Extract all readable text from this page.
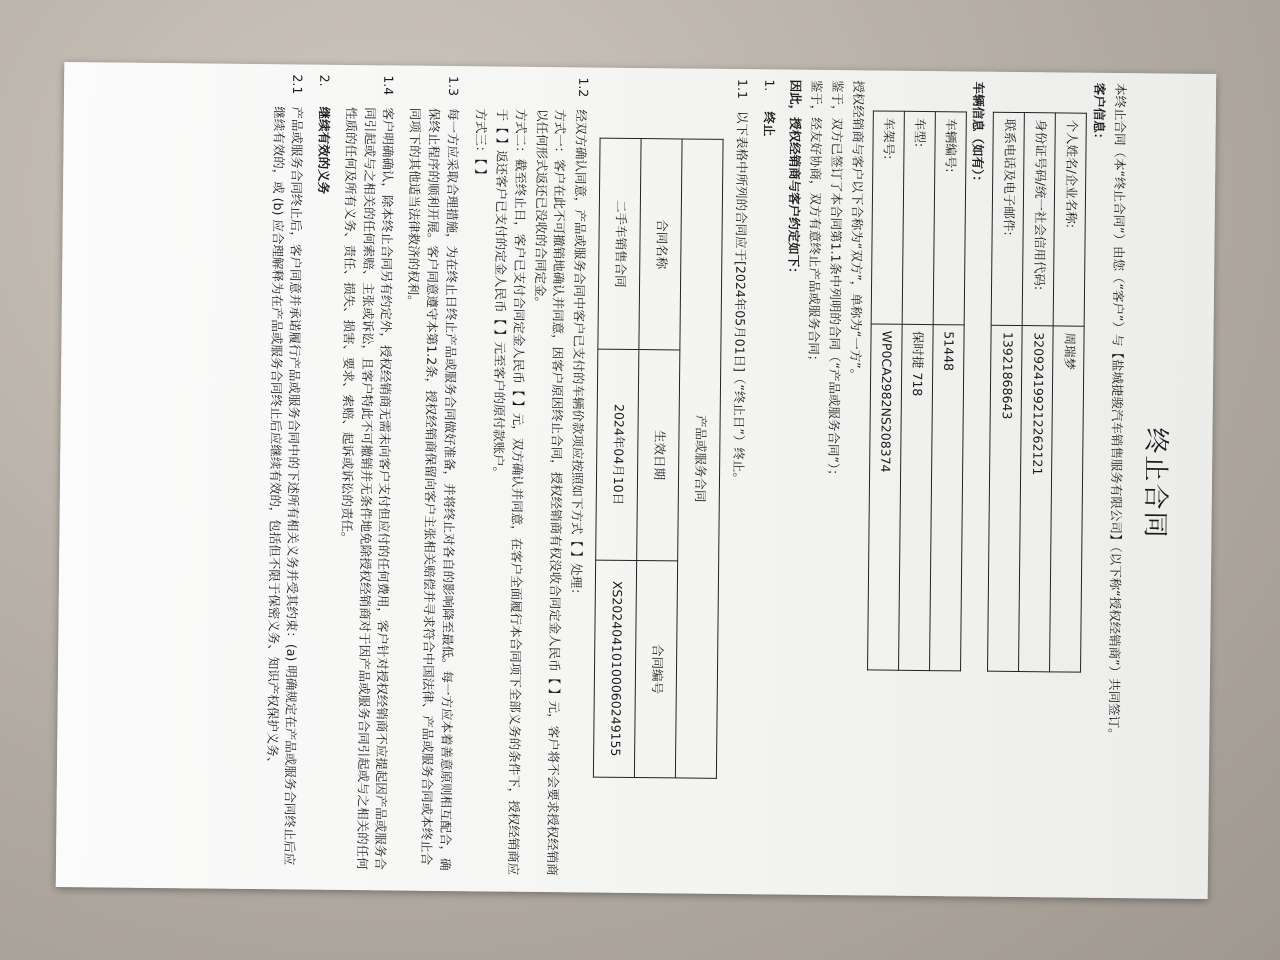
终止合同

本终止合同（本“终止合同”）由您（“客户”）与【盐城捷骏汽车销售服务有限公司】（以下称“授权经销商”）共同签订。

客户信息：

个人姓名/企业名称:	周瑞梦
身份证号码/统一社会信用代码:	320924199212262121
联系电话及电子邮件:	13921868643

车辆信息（如有）：

车辆编号:	51448
车型:	保时捷 718
车架号:	WP0CA2982NS208374

授权经销商与客户以下合称为“双方”，单称为“一方”。

鉴于，双方已签订了本合同第1.1条中列明的合同（“产品或服务合同”）；

鉴于，经友好协商，双方有意终止产品或服务合同；

因此，授权经销商与客户约定如下：

1.
终止
1.1
以下表格中所列的合同应于[2024年05月01日]（“终止日”）终止。
产品或服务合同		
合同名称	生效日期	合同编号
二手车销售合同	2024年04月10日	XS20240410100060249155
1.2

经双方确认同意，产品或服务合同中客户已支付的车辆价款项应按照如下方式【 】处理：

方式一：客户在此不可撤销地确认并同意，因客户原因终止合同，授权经销商有权没收合同定金人民币【 】元，客户将不会要求授权经销商以任何形式返还已没收的合同定金。

方式二：截至终止日，客户已支付合同定金人民币【 】元，双方确认并同意，在客户全面履行本合同项下全部义务的条件下，授权经销商应于【 】返还客户已支付的定金人民币【 】元至客户的原付款账户。

方式三：【 】

1.3
每一方应采取合理措施，为在终止日终止产品或服务合同做好准备，并将终止对各自的影响降至最低。每一方应本着善意原则相互配合，确保终止程序的顺利开展。客户同意遵守本第1.2条，授权经销商保留向客户主张相关赔偿并寻求符合中国法律、产品或服务合同或本终止合同项下的其他适当法律救济的权利。
1.4
客户明确确认，除本终止合同另有约定外，授权经销商无需未向客户支付但应付的任何费用，客户针对授权经销商不应提起因产品或服务合同引起或与之相关的任何索赔、主张或诉讼，且客户特此不可撤销并无条件地免除授权经销商对于因产品或服务合同引起或与之相关的任何性质的任何及所有义务、责任、损失、损害、要求、索赔、起诉或诉讼的责任。
2.
继续有效的义务
2.1
产品或服务合同终止后，客户同意并承诺履行产品或服务合同中的下述所有相关义务并受其约束：(a) 明确规定在产品或服务合同终止后应继续有效的，或 (b) 应合理解释为在产品或服务合同终止后应继续有效的，包括但不限于保密义务、知识产权保护义务、
